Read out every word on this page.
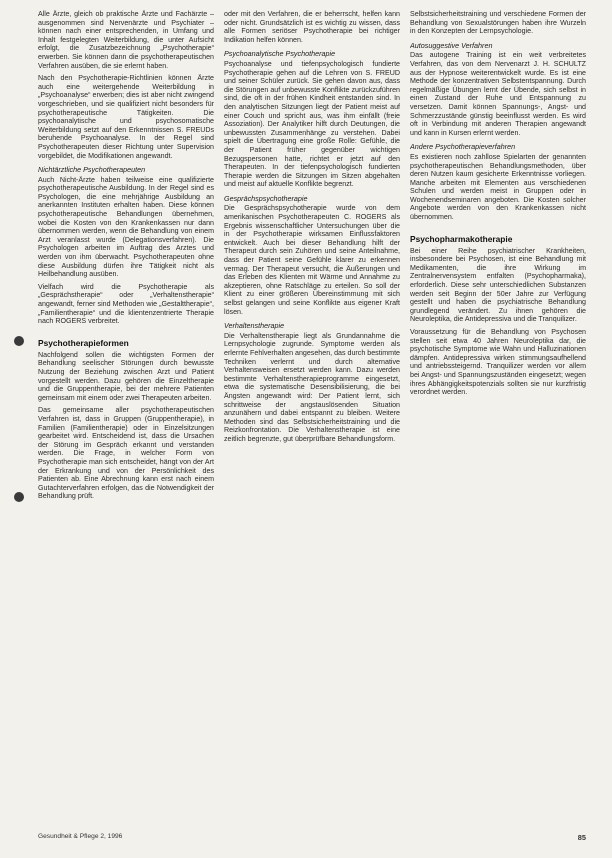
Alle Ärzte, gleich ob praktische Ärzte und Fachärzte – ausgenommen sind Nervenärzte und Psychiater – können nach einer entsprechenden, in Umfang und Inhalt festgelegten Weiterbildung, die unter Aufsicht erfolgt, die Zusatzbezeichnung „Psychotherapie“ erwerben. Sie können dann die psychotherapeutischen Verfahren ausüben, die sie erlernt haben.

Nach den Psychotherapie-Richtlinien können Ärzte auch eine weitergehende Weiterbildung in „Psychoanalyse“ erwerben; dies ist aber nicht zwingend vorgeschrieben, und sie qualifiziert nicht besonders für psychotherapeutische Tätigkeiten. Die psychoanalytische und psychosomatische Weiterbildung setzt auf den Erkenntnissen S. FREUDs beruhende Psychoanalyse. In der Regel sind Psychotherapeuten dieser Richtung unter Supervision vorgebildet, die Modifikationen angewandt.

Nichtärztliche Psychotherapeuten

Auch Nicht-Ärzte haben teilweise eine qualifizierte psychotherapeutische Ausbildung. In der Regel sind es Psychologen, die eine mehrjährige Ausbildung an anerkannten Instituten erhalten haben. Diese können psychotherapeutische Behandlungen übernehmen, wobei die Kosten von den Krankenkassen nur dann übernommen werden, wenn die Behandlung von einem Arzt veranlasst wurde (Delegationsverfahren). Die Psychologen arbeiten im Auftrag des Arztes und werden von ihm überwacht. Psychotherapeuten ohne diese Ausbildung dürfen ihre Tätigkeit nicht als Heilbehandlung ausüben.

Vielfach wird die Psychotherapie als „Gesprächstherapie“ oder „Verhaltenstherapie“ angewandt, ferner sind Methoden wie „Gestalttherapie“, „Familientherapie“ und die klientenzentrierte Therapie nach ROGERS verbreitet.

Psychotherapieformen

Nachfolgend sollen die wichtigsten Formen der Behandlung seelischer Störungen durch bewusste Nutzung der Beziehung zwischen Arzt und Patient vorgestellt werden. Dazu gehören die Einzeltherapie und die Gruppentherapie, bei der mehrere Patienten gemeinsam mit einem oder zwei Therapeuten arbeiten.

Das gemeinsame aller psychotherapeutischen Verfahren ist, dass in Gruppen (Gruppentherapie), in Familien (Familientherapie) oder in Einzelsitzungen gearbeitet wird. Entscheidend ist, dass die Ursachen der Störung im Gespräch erkannt und verstanden werden. Die Frage, in welcher Form von Psychotherapie man sich entscheidet, hängt von der Art der Erkrankung und von der Persönlichkeit des Patienten ab. Eine Abrechnung kann erst nach einem Gutachterverfahren erfolgen, das die Notwendigkeit der Behandlung prüft.

oder mit den Verfahren, die er beherrscht, helfen kann oder nicht. Grundsätzlich ist es wichtig zu wissen, dass alle Formen seriöser Psychotherapie bei richtiger Indikation helfen können.

Psychoanalytische Psychotherapie

Psychoanalyse und tiefenpsychologisch fundierte Psychotherapie gehen auf die Lehren von S. FREUD und seiner Schüler zurück. Sie gehen davon aus, dass die Störungen auf unbewusste Konflikte zurückzuführen sind, die oft in der frühen Kindheit entstanden sind. In den analytischen Sitzungen liegt der Patient meist auf einer Couch und spricht aus, was ihm einfällt (freie Assoziation). Der Analytiker hilft durch Deutungen, die unbewussten Zusammenhänge zu verstehen. Dabei spielt die Übertragung eine große Rolle: Gefühle, die der Patient früher gegenüber wichtigen Bezugspersonen hatte, richtet er jetzt auf den Therapeuten. In der tiefenpsychologisch fundierten Therapie werden die Sitzungen im Sitzen abgehalten und meist auf aktuelle Konflikte begrenzt.

Gesprächspsychotherapie

Die Gesprächspsychotherapie wurde von dem amerikanischen Psychotherapeuten C. ROGERS als Ergebnis wissenschaftlicher Untersuchungen über die in der Psychotherapie wirksamen Einflussfaktoren entwickelt. Auch bei dieser Behandlung hilft der Therapeut durch sein Zuhören und seine Anteilnahme, dass der Patient seine Gefühle klarer zu erkennen vermag. Der Therapeut versucht, die Äußerungen und das Erleben des Klienten mit Wärme und Annahme zu akzeptieren, ohne Ratschläge zu erteilen. So soll der Klient zu einer größeren Übereinstimmung mit sich selbst gelangen und seine Konflikte aus eigener Kraft lösen.

Verhaltenstherapie

Die Verhaltenstherapie liegt als Grundannahme die Lernpsychologie zugrunde. Symptome werden als erlernte Fehlverhalten angesehen, das durch bestimmte Techniken verlernt und durch alternative Verhaltensweisen ersetzt werden kann. Dazu werden bestimmte Verhaltenstherapieprogramme eingesetzt, etwa die systematische Desensibilisierung, die bei Ängsten angewandt wird: Der Patient lernt, sich schrittweise der angstauslösenden Situation anzunähern und dabei entspannt zu bleiben. Weitere Methoden sind das Selbstsicherheitstraining und die Reizkonfrontation. Die Verhaltenstherapie ist eine zeitlich begrenzte, gut überprüfbare Behandlungsform.

Selbstsicherheitstraining und verschiedene Formen der Behandlung von Sexualstörungen haben ihre Wurzeln in den Konzepten der Lernpsychologie.

Autosuggestive Verfahren

Das autogene Training ist ein weit verbreitetes Verfahren, das von dem Nervenarzt J. H. SCHULTZ aus der Hypnose weiterentwickelt wurde. Es ist eine Methode der konzentrativen Selbstentspannung. Durch regelmäßige Übungen lernt der Übende, sich selbst in einen Zustand der Ruhe und Entspannung zu versetzen. Damit können Spannungs-, Angst- und Schmerzzustände günstig beeinflusst werden. Es wird oft in Verbindung mit anderen Therapien angewandt und kann in Kursen erlernt werden.

Andere Psychotherapieverfahren

Es existieren noch zahllose Spielarten der genannten psychotherapeutischen Behandlungsmethoden, über deren Nutzen kaum gesicherte Erkenntnisse vorliegen. Manche arbeiten mit Elementen aus verschiedenen Schulen und werden meist in Gruppen oder in Wochenendseminaren angeboten. Die Kosten solcher Angebote werden von den Krankenkassen nicht übernommen.

Psychopharmakotherapie

Bei einer Reihe psychiatrischer Krankheiten, insbesondere bei Psychosen, ist eine Behandlung mit Medikamenten, die ihre Wirkung im Zentralnervensystem entfalten (Psychopharmaka), erforderlich. Diese sehr unterschiedlichen Substanzen werden seit Beginn der 50er Jahre zur Verfügung gestellt und haben die psychiatrische Behandlung grundlegend verändert. Zu ihnen gehören die Neuroleptika, die Antidepressiva und die Tranquilizer.

Voraussetzung für die Behandlung von Psychosen stellen seit etwa 40 Jahren Neuroleptika dar, die psychotische Symptome wie Wahn und Halluzinationen dämpfen. Antidepressiva wirken stimmungsaufhellend und antriebssteigernd. Tranquilizer werden vor allem bei Angst- und Spannungszuständen eingesetzt; wegen ihres Abhängigkeitspotenzials sollten sie nur kurzfristig verordnet werden.

Gesundheit & Pflege 2, 1996	85
